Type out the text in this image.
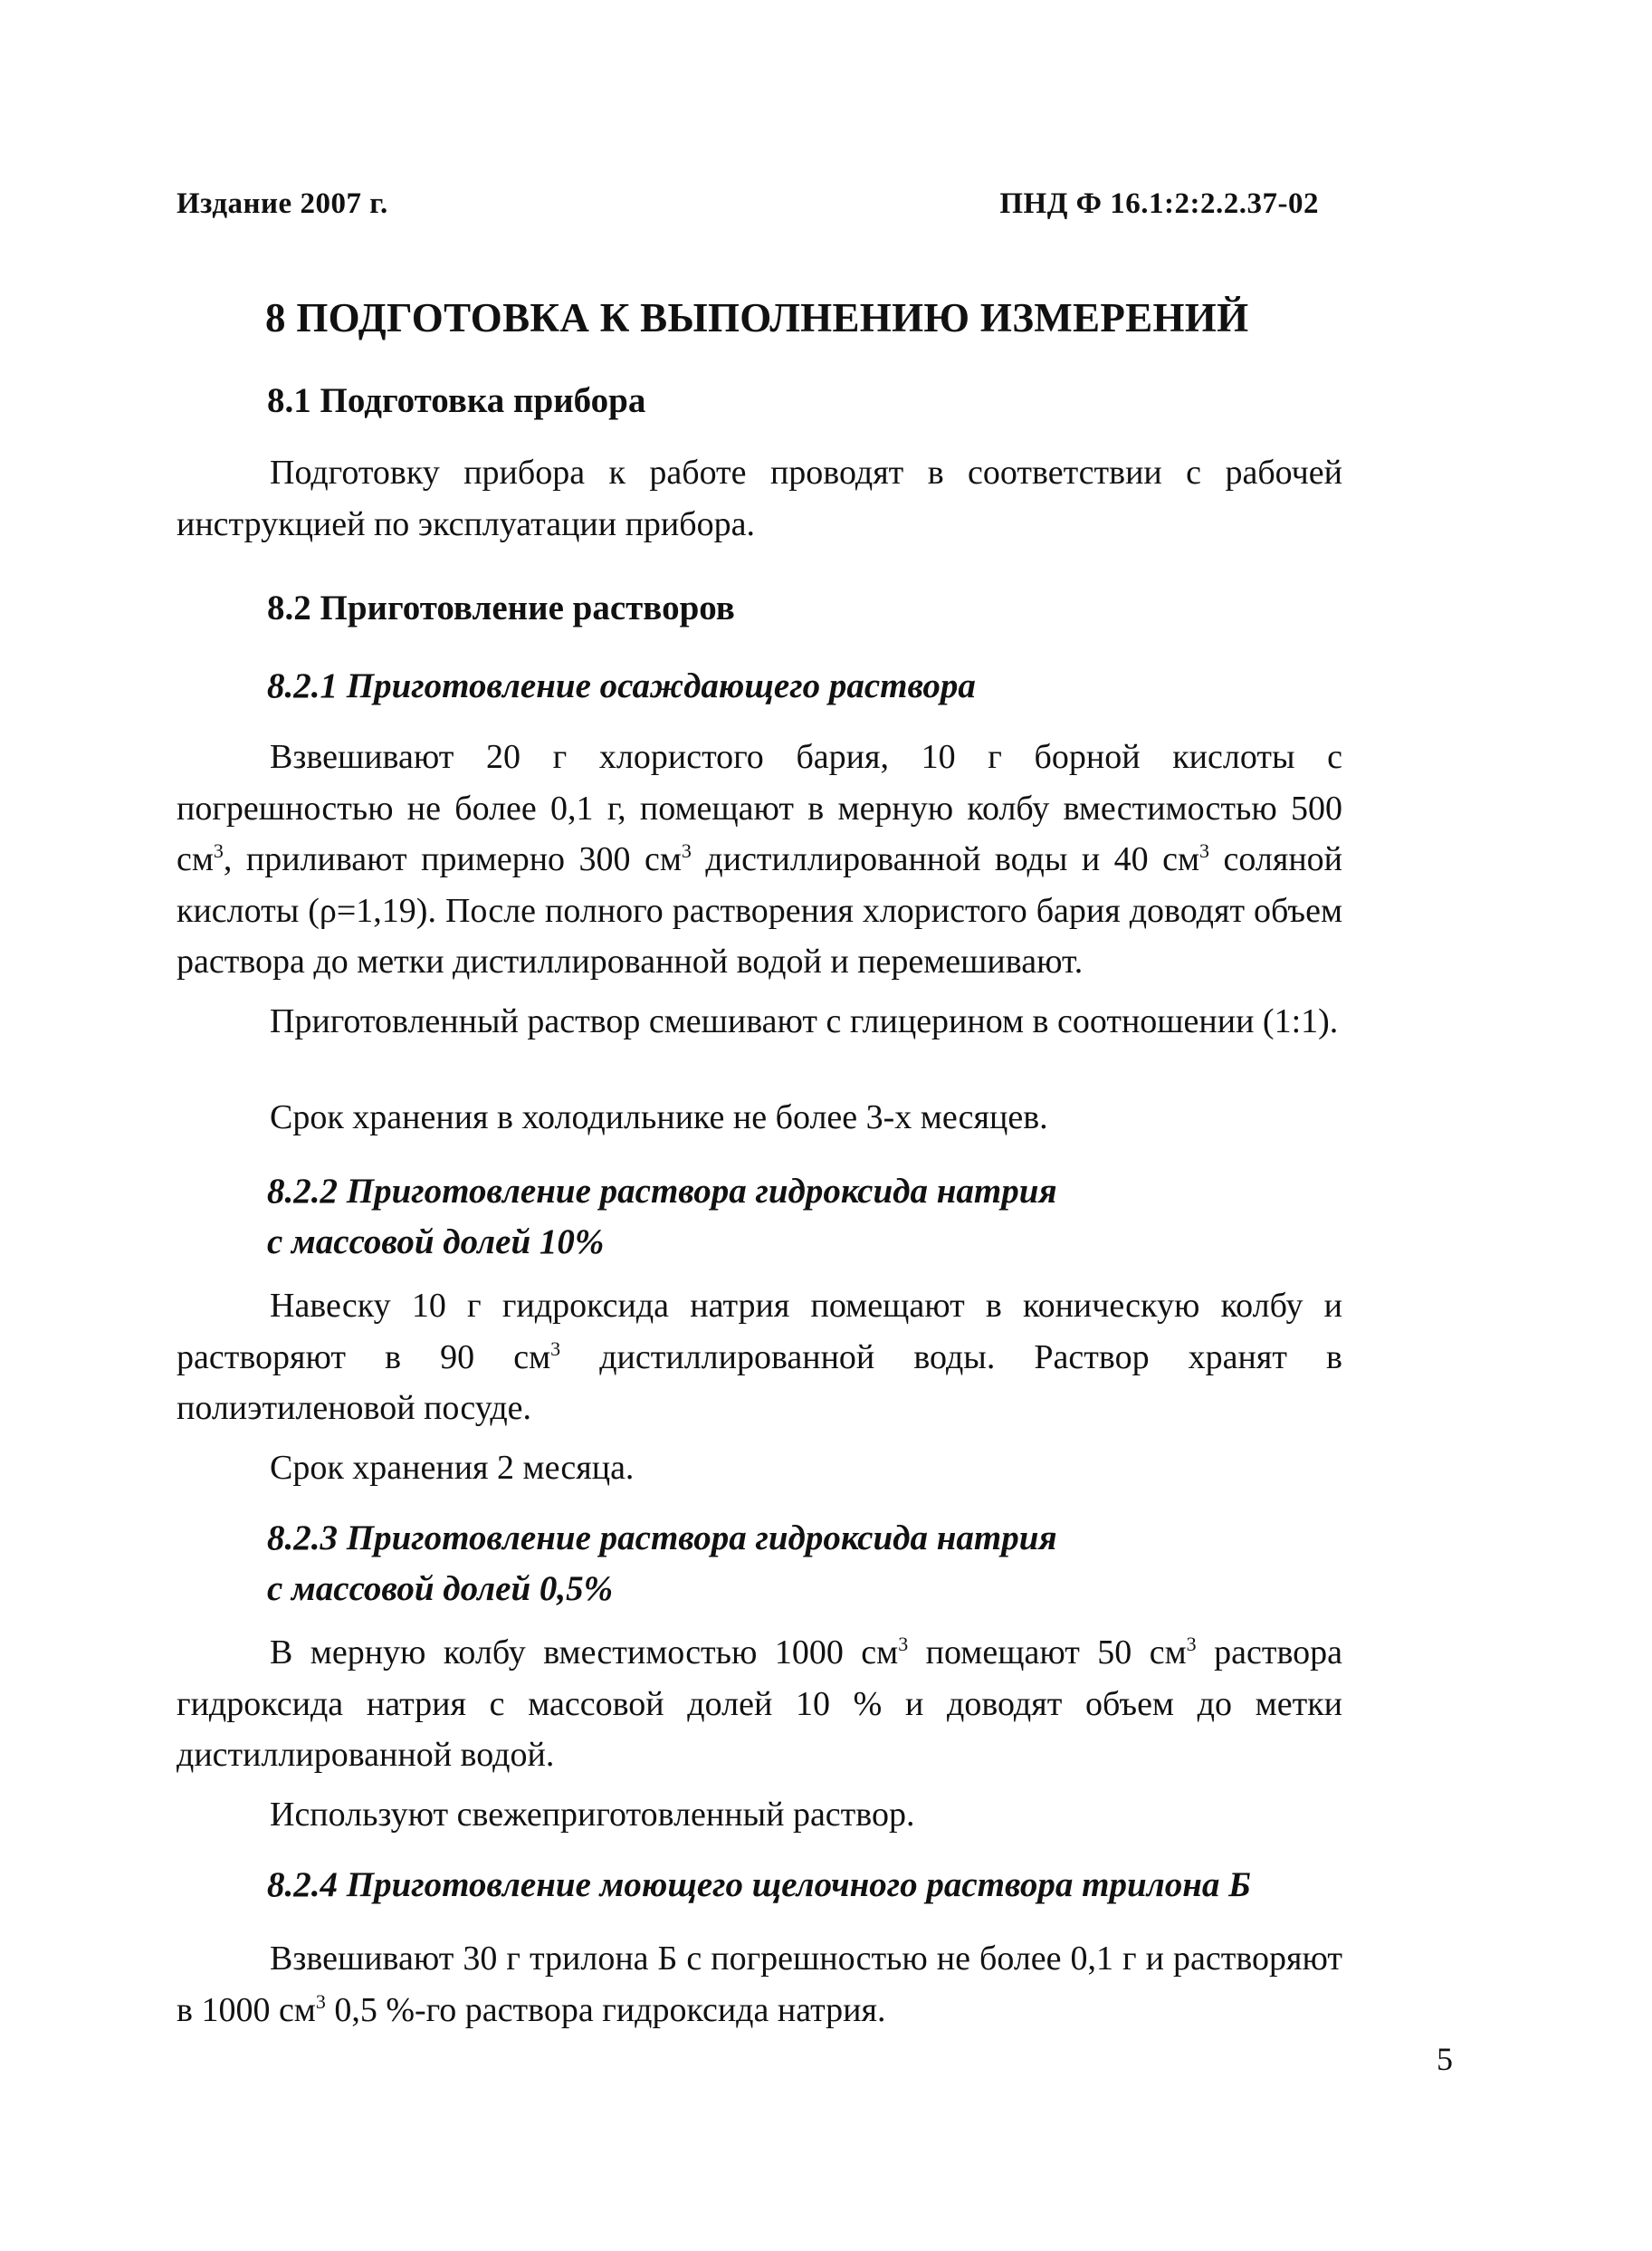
Издание 2007 г.	ПНД Ф 16.1:2:2.2.37-02
8 ПОДГОТОВКА К ВЫПОЛНЕНИЮ ИЗМЕРЕНИЙ
8.1 Подготовка прибора
Подготовку прибора к работе проводят в соответствии с рабочей инструкцией по эксплуатации прибора.
8.2 Приготовление растворов
8.2.1 Приготовление осаждающего раствора
Взвешивают 20 г хлористого бария, 10 г борной кислоты с погрешностью не более 0,1 г, помещают в мерную колбу вместимостью 500 $см^3$, приливают примерно 300 $см^3$ дистиллированной воды и 40 $см^3$ соляной кислоты (ρ=1,19). После полного растворения хлористого бария доводят объем раствора до метки дистиллированной водой и перемешивают.
Приготовленный раствор смешивают с глицерином в соотношении (1:1).
Срок хранения в холодильнике не более 3-х месяцев.
8.2.2 Приготовление раствора гидроксида натрия
с массовой долей 10%
Навеску 10 г гидроксида натрия помещают в коническую колбу и растворяют в 90 $см^3$ дистиллированной воды. Раствор хранят в полиэтиленовой посуде.
Срок хранения 2 месяца.
8.2.3 Приготовление раствора гидроксида натрия
с массовой долей 0,5%
В мерную колбу вместимостью 1000 $см^3$ помещают 50 $см^3$ раствора гидроксида натрия с массовой долей 10 % и доводят объем до метки дистиллированной водой.
Используют свежеприготовленный раствор.
8.2.4 Приготовление моющего щелочного раствора трилона Б
Взвешивают 30 г трилона Б с погрешностью не более 0,1 г и растворяют в 1000 $см^3$ 0,5 %-го раствора гидроксида натрия.
5
